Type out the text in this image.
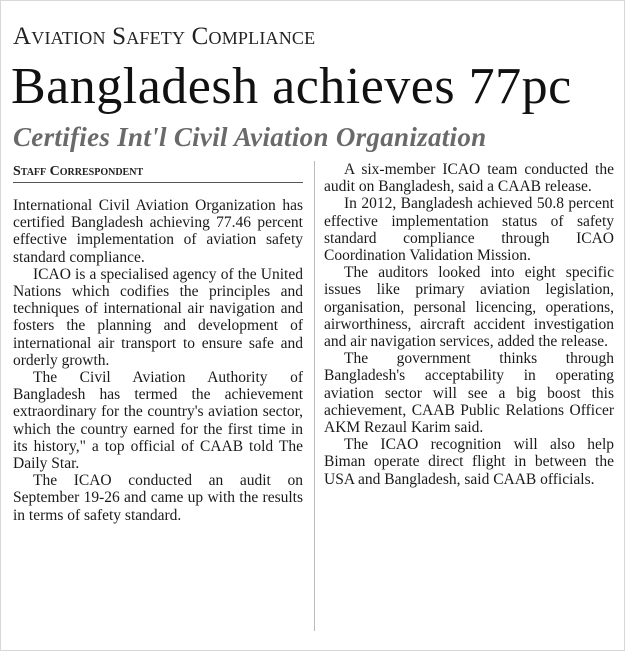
Aviation Safety Compliance
Bangladesh achieves 77pc
Certifies Int'l Civil Aviation Organization
Staff Correspondent

International Civil Aviation Organization has certified Bangladesh achieving 77.46 percent effective implementation of aviation safety standard compliance.

ICAO is a specialised agency of the United Nations which codifies the principles and techniques of international air navigation and fosters the planning and development of international air transport to ensure safe and orderly growth.

The Civil Aviation Authority of Bangladesh has termed the achievement extraordinary for the country's aviation sector, which the country earned for the first time in its history," a top official of CAAB told The Daily Star.

The ICAO conducted an audit on September 19-26 and came up with the results in terms of safety standard.

A six-member ICAO team conducted the audit on Bangladesh, said a CAAB release.

In 2012, Bangladesh achieved 50.8 percent effective implementation status of safety standard compliance through ICAO Coordination Validation Mission.

The auditors looked into eight specific issues like primary aviation legislation, organisation, personal licencing, operations, airworthiness, aircraft accident investigation and air navigation services, added the release.

The government thinks through Bangladesh's acceptability in operating aviation sector will see a big boost this achievement, CAAB Public Relations Officer AKM Rezaul Karim said.

The ICAO recognition will also help Biman operate direct flight in between the USA and Bangladesh, said CAAB officials.
